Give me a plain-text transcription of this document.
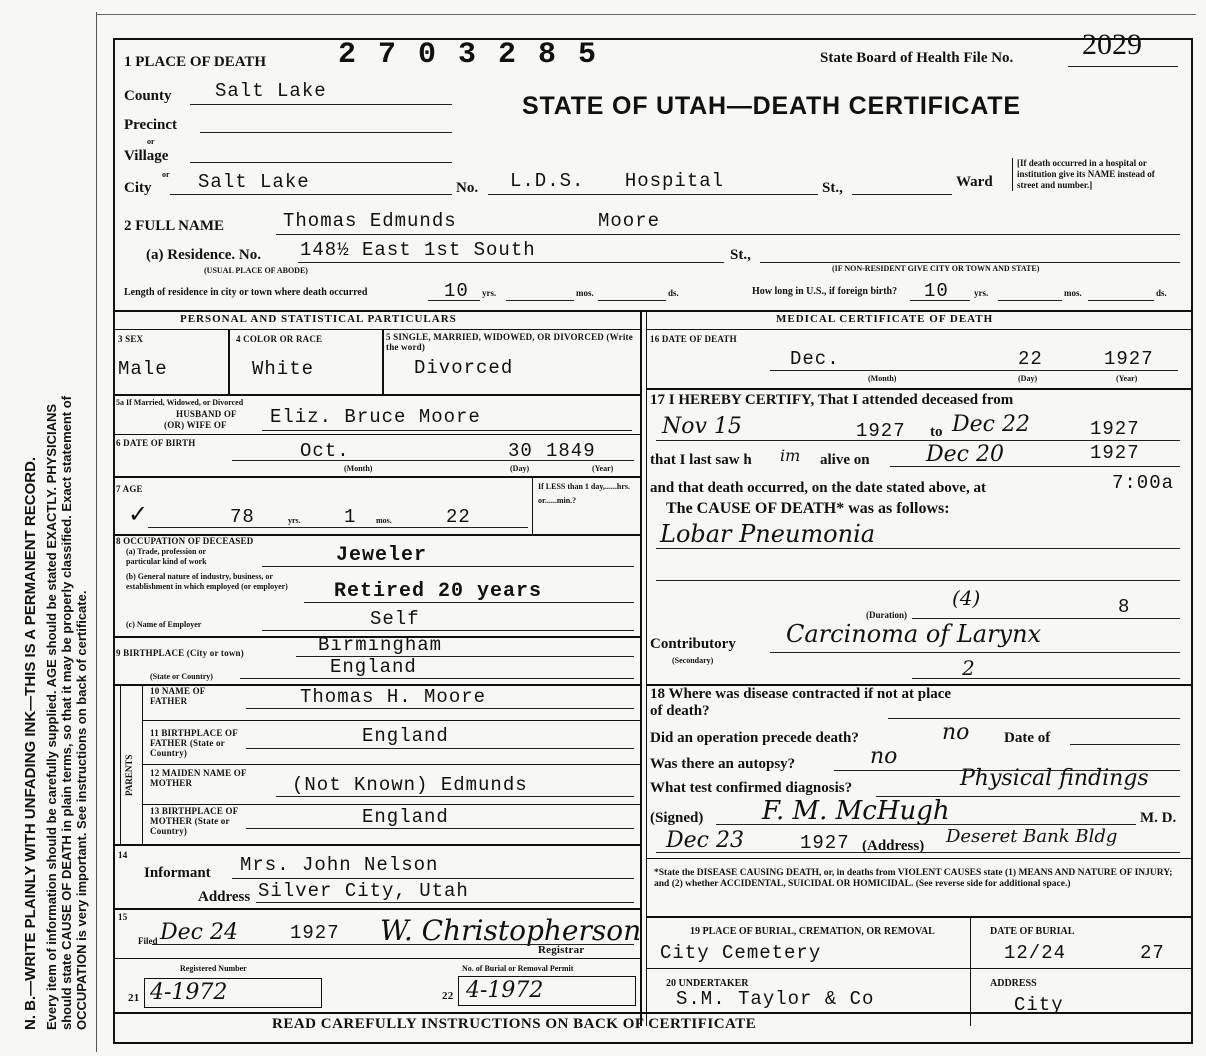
N. B.—WRITE PLAINLY WITH UNFADING INK—THIS IS A PERMANENT RECORD. Every item of information should be carefully supplied. AGE should be stated EXACTLY. PHYSICIANS should state CAUSE OF DEATH in plain terms, so that it may be properly classified. Exact statement of OCCUPATION is very important. See instructions on back of certificate.
1 PLACE OF DEATH 2 7 0 3 2 8 5	State Board of Health File No. 2029
STATE OF UTAH—DEATH CERTIFICATE
County Salt Lake
Precinct
or
Village
or
City Salt Lake	No. L.D.S. Hospital	St.,	Ward
[If death occurred in a hospital or institution give its NAME instead of street and number.]
2 FULL NAME	Thomas Edmunds	Moore
(a) Residence. No. 148½ East 1st South	St.,
(USUAL PLACE OF ABODE)	(IF NON-RESIDENT GIVE CITY OR TOWN AND STATE)
Length of residence in city or town where death occurred	10 yrs.	mos.	ds.	How long in U.S., if foreign birth? 10	yrs.	mos.	ds.
PERSONAL AND STATISTICAL PARTICULARS
3 SEX
Male
4 COLOR OR RACE
White
5 SINGLE, MARRIED, WIDOWED, OR DIVORCED (Write the word)
Divorced
5a If Married, Widowed, or Divorced
HUSBAND OF
(OR) WIFE OF Eliz. Bruce Moore
6 DATE OF BIRTH	Oct.	30 1849
(Month)	(Day)	(Year)
7 AGE
✓	78	yrs. 1 mos.	22
If LESS than 1 day,......hrs. or......min.?
8 OCCUPATION OF DECEASED
(a) Trade, profession or particular kind of work	Jeweler
(b) General nature of industry, business, or establishment in which employed (or employer)	Retired 20 years
(c) Name of Employer	Self
9 BIRTHPLACE (City or town)	Birmingham
(State or Country)	England
PARENTS
10 NAME OF FATHER	Thomas H. Moore
11 BIRTHPLACE OF FATHER (State or Country)
England
12 MAIDEN NAME OF MOTHER	(Not Known) Edmunds
13 BIRTHPLACE OF MOTHER (State or Country)
England
14
Informant Mrs. John Nelson
Address Silver City, Utah
15
Filed Dec 24	1927 W. Christopherson
Registrar
Registered Number	No. of Burial or Removal Permit
21 4-1972	22 4-1972
MEDICAL CERTIFICATE OF DEATH
16 DATE OF DEATH
Dec.	22	1927
(Month)	(Day)	(Year)
17 I HEREBY CERTIFY, That I attended deceased from
Nov 15	1927 to Dec 22	1927
that I last saw h im alive on	Dec 20	1927
and that death occurred, on the date stated above, at	7:00a
The CAUSE OF DEATH* was as follows:
Lobar Pneumonia
(Duration)
(4)	8
Contributory
(Secondary)
Carcinoma of Larynx
2
18 Where was disease contracted if not at place of death?
Did an operation precede death?	no Date of
Was there an autopsy?	no
What test confirmed diagnosis?	Physical findings
(Signed) F. M. McHugh	M. D.
Dec 23	1927 (Address) Deseret Bank Bldg
*State the DISEASE CAUSING DEATH, or, in deaths from VIOLENT CAUSES state (1) MEANS AND NATURE OF INJURY; and (2) whether ACCIDENTAL, SUICIDAL OR HOMICIDAL. (See reverse side for additional space.)
19 PLACE OF BURIAL, CREMATION, OR REMOVAL
City Cemetery
DATE OF BURIAL
12/24	27
20 UNDERTAKER
S.M. Taylor & Co
ADDRESS
City
READ CAREFULLY INSTRUCTIONS ON BACK OF CERTIFICATE
